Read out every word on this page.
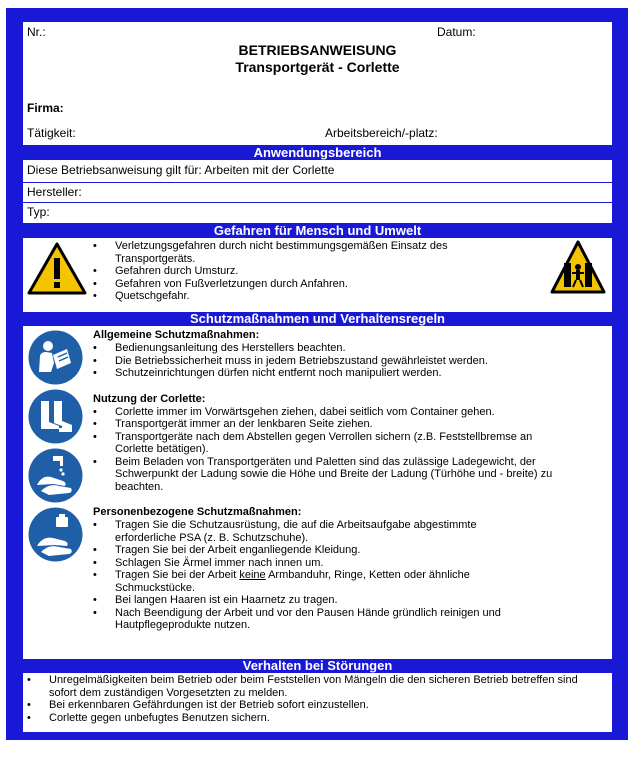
Nr.:	Datum:
BETRIEBSANWEISUNG
Transportgerät - Corlette
Firma:
Tätigkeit:	Arbeitsbereich/-platz:
Anwendungsbereich
Diese Betriebsanweisung gilt für: Arbeiten mit der Corlette
Hersteller:
Typ:
Gefahren für Mensch und Umwelt
• Verletzungsgefahren durch nicht bestimmungsgemäßen Einsatz des Transportgeräts.
• Gefahren durch Umsturz.
• Gefahren von Fußverletzungen durch Anfahren.
• Quetschgefahr.
Schutzmaßnahmen und Verhaltensregeln
Allgemeine Schutzmaßnahmen:
• Bedienungsanleitung des Herstellers beachten.
• Die Betriebssicherheit muss in jedem Betriebszustand gewährleistet werden.
• Schutzeinrichtungen dürfen nicht entfernt noch manipuliert werden.
Nutzung der Corlette:
• Corlette immer im Vorwärtsgehen ziehen, dabei seitlich vom Container gehen.
• Transportgerät immer an der lenkbaren Seite ziehen.
• Transportgeräte nach dem Abstellen gegen Verrollen sichern (z.B. Feststellbremse an Corlette betätigen).
• Beim Beladen von Transportgeräten und Paletten sind das zulässige Ladegewicht, der Schwerpunkt der Ladung sowie die Höhe und Breite der Ladung (Türhöhe und - breite) zu beachten.
Personenbezogene Schutzmaßnahmen:
• Tragen Sie die Schutzausrüstung, die auf die Arbeitsaufgabe abgestimmte erforderliche PSA (z. B. Schutzschuhe).
• Tragen Sie bei der Arbeit enganliegende Kleidung.
• Schlagen Sie Ärmel immer nach innen um.
• Tragen Sie bei der Arbeit keine Armbanduhr, Ringe, Ketten oder ähnliche Schmuckstücke.
• Bei langen Haaren ist ein Haarnetz zu tragen.
• Nach Beendigung der Arbeit und vor den Pausen Hände gründlich reinigen und Hautpflegeprodukte nutzen.
Verhalten bei Störungen
• Unregelmäßigkeiten beim Betrieb oder beim Feststellen von Mängeln die den sicheren Betrieb betreffen sind sofort dem zuständigen Vorgesetzten zu melden.
• Bei erkennbaren Gefährdungen ist der Betrieb sofort einzustellen.
• Corlette gegen unbefugtes Benutzen sichern.
